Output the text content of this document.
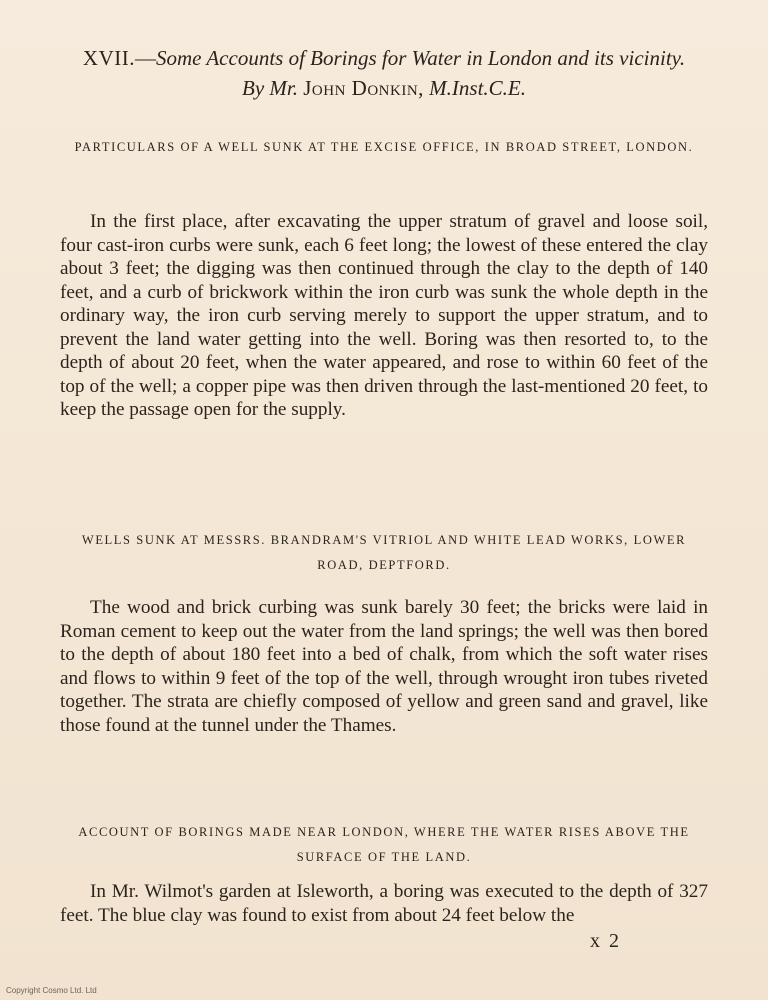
XVII.—Some Accounts of Borings for Water in London and its vicinity.
By Mr. John Donkin, M.Inst.C.E.
PARTICULARS OF A WELL SUNK AT THE EXCISE OFFICE, IN BROAD STREET, LONDON.
In the first place, after excavating the upper stratum of gravel and loose soil, four cast-iron curbs were sunk, each 6 feet long; the lowest of these entered the clay about 3 feet; the digging was then continued through the clay to the depth of 140 feet, and a curb of brickwork within the iron curb was sunk the whole depth in the ordinary way, the iron curb serving merely to support the upper stratum, and to prevent the land water getting into the well. Boring was then resorted to, to the depth of about 20 feet, when the water appeared, and rose to within 60 feet of the top of the well; a copper pipe was then driven through the last-mentioned 20 feet, to keep the passage open for the supply.
WELLS SUNK AT MESSRS. BRANDRAM'S VITRIOL AND WHITE LEAD WORKS, LOWER ROAD, DEPTFORD.
The wood and brick curbing was sunk barely 30 feet; the bricks were laid in Roman cement to keep out the water from the land springs; the well was then bored to the depth of about 180 feet into a bed of chalk, from which the soft water rises and flows to within 9 feet of the top of the well, through wrought iron tubes riveted together. The strata are chiefly composed of yellow and green sand and gravel, like those found at the tunnel under the Thames.
ACCOUNT OF BORINGS MADE NEAR LONDON, WHERE THE WATER RISES ABOVE THE SURFACE OF THE LAND.
In Mr. Wilmot's garden at Isleworth, a boring was executed to the depth of 327 feet. The blue clay was found to exist from about 24 feet below the
x 2
Copyright Cosmo Ltd. Ltd
